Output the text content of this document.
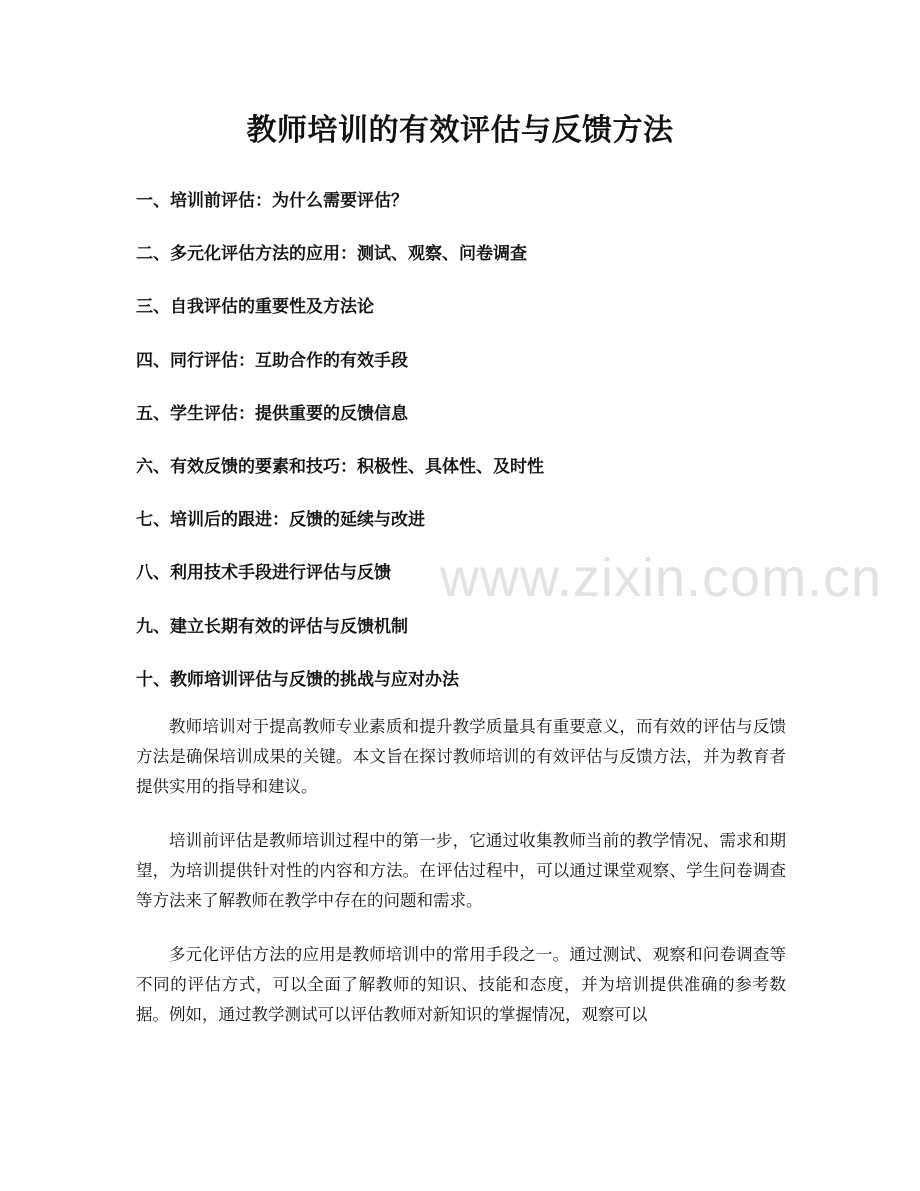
教师培训的有效评估与反馈方法
一、培训前评估：为什么需要评估？
二、多元化评估方法的应用：测试、观察、问卷调查
三、自我评估的重要性及方法论
四、同行评估：互助合作的有效手段
五、学生评估：提供重要的反馈信息
六、有效反馈的要素和技巧：积极性、具体性、及时性
七、培训后的跟进：反馈的延续与改进
八、利用技术手段进行评估与反馈
九、建立长期有效的评估与反馈机制
十、教师培训评估与反馈的挑战与应对办法
www.zixin.com.cn

教师培训对于提高教师专业素质和提升教学质量具有重要意义，而有效的评估与反馈方法是确保培训成果的关键。本文旨在探讨教师培训的有效评估与反馈方法，并为教育者提供实用的指导和建议。

培训前评估是教师培训过程中的第一步，它通过收集教师当前的教学情况、需求和期望，为培训提供针对性的内容和方法。在评估过程中，可以通过课堂观察、学生问卷调查等方法来了解教师在教学中存在的问题和需求。

多元化评估方法的应用是教师培训中的常用手段之一。通过测试、观察和问卷调查等不同的评估方式，可以全面了解教师的知识、技能和态度，并为培训提供准确的参考数据。例如，通过教学测试可以评估教师对新知识的掌握情况，观察可以
